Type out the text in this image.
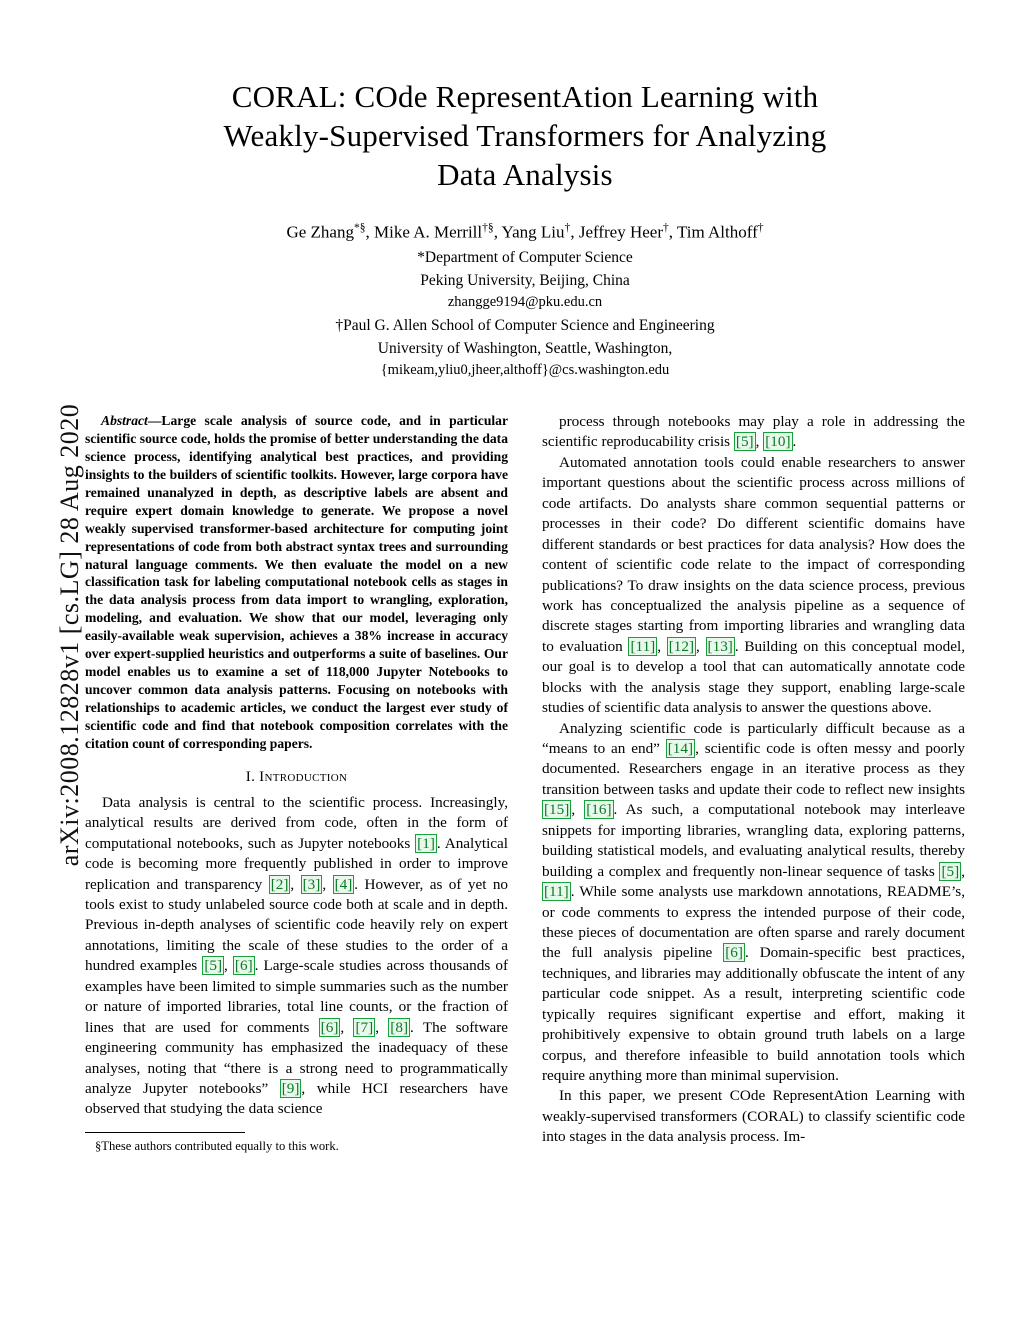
arXiv:2008.12828v1 [cs.LG] 28 Aug 2020
CORAL: COde RepresentAtion Learning with
Weakly-Supervised Transformers for Analyzing
Data Analysis
Ge Zhang*§, Mike A. Merrill†§, Yang Liu†, Jeffrey Heer†, Tim Althoff†
*Department of Computer Science
Peking University, Beijing, China
zhangge9194@pku.edu.cn
†Paul G. Allen School of Computer Science and Engineering
University of Washington, Seattle, Washington,
{mikeam,yliu0,jheer,althoff}@cs.washington.edu
Abstract—Large scale analysis of source code, and in particular scientific source code, holds the promise of better understanding the data science process, identifying analytical best practices, and providing insights to the builders of scientific toolkits. However, large corpora have remained unanalyzed in depth, as descriptive labels are absent and require expert domain knowledge to generate. We propose a novel weakly supervised transformer-based architecture for computing joint representations of code from both abstract syntax trees and surrounding natural language comments. We then evaluate the model on a new classification task for labeling computational notebook cells as stages in the data analysis process from data import to wrangling, exploration, modeling, and evaluation. We show that our model, leveraging only easily-available weak supervision, achieves a 38% increase in accuracy over expert-supplied heuristics and outperforms a suite of baselines. Our model enables us to examine a set of 118,000 Jupyter Notebooks to uncover common data analysis patterns. Focusing on notebooks with relationships to academic articles, we conduct the largest ever study of scientific code and find that notebook composition correlates with the citation count of corresponding papers.
I. Introduction

Data analysis is central to the scientific process. Increasingly, analytical results are derived from code, often in the form of computational notebooks, such as Jupyter notebooks [1] . Analytical code is becoming more frequently published in order to improve replication and transparency [2] , [3] , [4] . However, as of yet no tools exist to study unlabeled source code both at scale and in depth. Previous in-depth analyses of scientific code heavily rely on expert annotations, limiting the scale of these studies to the order of a hundred examples [5] , [6] . Large-scale studies across thousands of examples have been limited to simple summaries such as the number or nature of imported libraries, total line counts, or the fraction of lines that are used for comments [6] , [7] , [8] . The software engineering community has emphasized the inadequacy of these analyses, noting that “there is a strong need to programmatically analyze Jupyter notebooks” [9] , while HCI researchers have observed that studying the data science

§These authors contributed equally to this work.

process through notebooks may play a role in addressing the scientific reproducability crisis [5] , [10] .

Automated annotation tools could enable researchers to answer important questions about the scientific process across millions of code artifacts. Do analysts share common sequential patterns or processes in their code? Do different scientific domains have different standards or best practices for data analysis? How does the content of scientific code relate to the impact of corresponding publications? To draw insights on the data science process, previous work has conceptualized the analysis pipeline as a sequence of discrete stages starting from importing libraries and wrangling data to evaluation [11] , [12] , [13] . Building on this conceptual model, our goal is to develop a tool that can automatically annotate code blocks with the analysis stage they support, enabling large-scale studies of scientific data analysis to answer the questions above.

Analyzing scientific code is particularly difficult because as a “means to an end” [14] , scientific code is often messy and poorly documented. Researchers engage in an iterative process as they transition between tasks and update their code to reflect new insights [15] , [16] . As such, a computational notebook may interleave snippets for importing libraries, wrangling data, exploring patterns, building statistical models, and evaluating analytical results, thereby building a complex and frequently non-linear sequence of tasks [5] , [11] . While some analysts use markdown annotations, README’s, or code comments to express the intended purpose of their code, these pieces of documentation are often sparse and rarely document the full analysis pipeline [6] . Domain-specific best practices, techniques, and libraries may additionally obfuscate the intent of any particular code snippet. As a result, interpreting scientific code typically requires significant expertise and effort, making it prohibitively expensive to obtain ground truth labels on a large corpus, and therefore infeasible to build annotation tools which require anything more than minimal supervision.

In this paper, we present COde RepresentAtion Learning with weakly-supervised transformers (CORAL) to classify scientific code into stages in the data analysis process. Im-
